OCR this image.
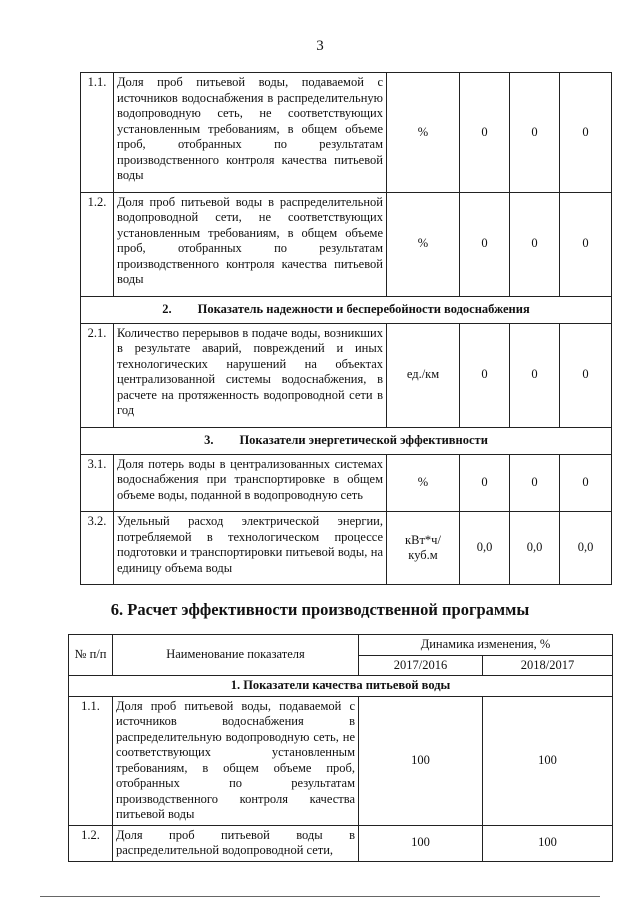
3
1.1.	Доля проб питьевой воды, подаваемой с источников водоснабжения в распределительную водопроводную сеть, не соответствующих установленным требованиям, в общем объеме проб, отобранных по результатам производственного контроля качества питьевой воды	%	0	0	0
1.2.	Доля проб питьевой воды в распределительной водопроводной сети, не соответствующих установленным требованиям, в общем объеме проб, отобранных по результатам производственного контроля качества питьевой воды	%	0	0	0
2. Показатель надежности и бесперебойности водоснабжения					
2.1.	Количество перерывов в подаче воды, возникших в результате аварий, повреждений и иных технологических нарушений на объектах централизованной системы водоснабжения, в расчете на протяженность водопроводной сети в год	ед./км	0	0	0
3. Показатели энергетической эффективности					
3.1.	Доля потерь воды в централизованных системах водоснабжения при транспортировке в общем объеме воды, поданной в водопроводную сеть	%	0	0	0
3.2.	Удельный расход электрической энергии, потребляемой в технологическом процессе подготовки и транспортировки питьевой воды, на единицу объема воды	кВт*ч/ куб.м	0,0	0,0	0,0
6. Расчет эффективности производственной программы
№ п/п	Наименование показателя	Динамика изменения, %	
		2017/2016	2018/2017
1. Показатели качества питьевой воды			
1.1.	Доля проб питьевой воды, подаваемой с источников водоснабжения в распределительную водопроводную сеть, не соответствующих установленным требованиям, в общем объеме проб, отобранных по результатам производственного контроля качества питьевой воды	100	100
1.2.	Доля проб питьевой воды в распределительной водопроводной сети,	100	100
